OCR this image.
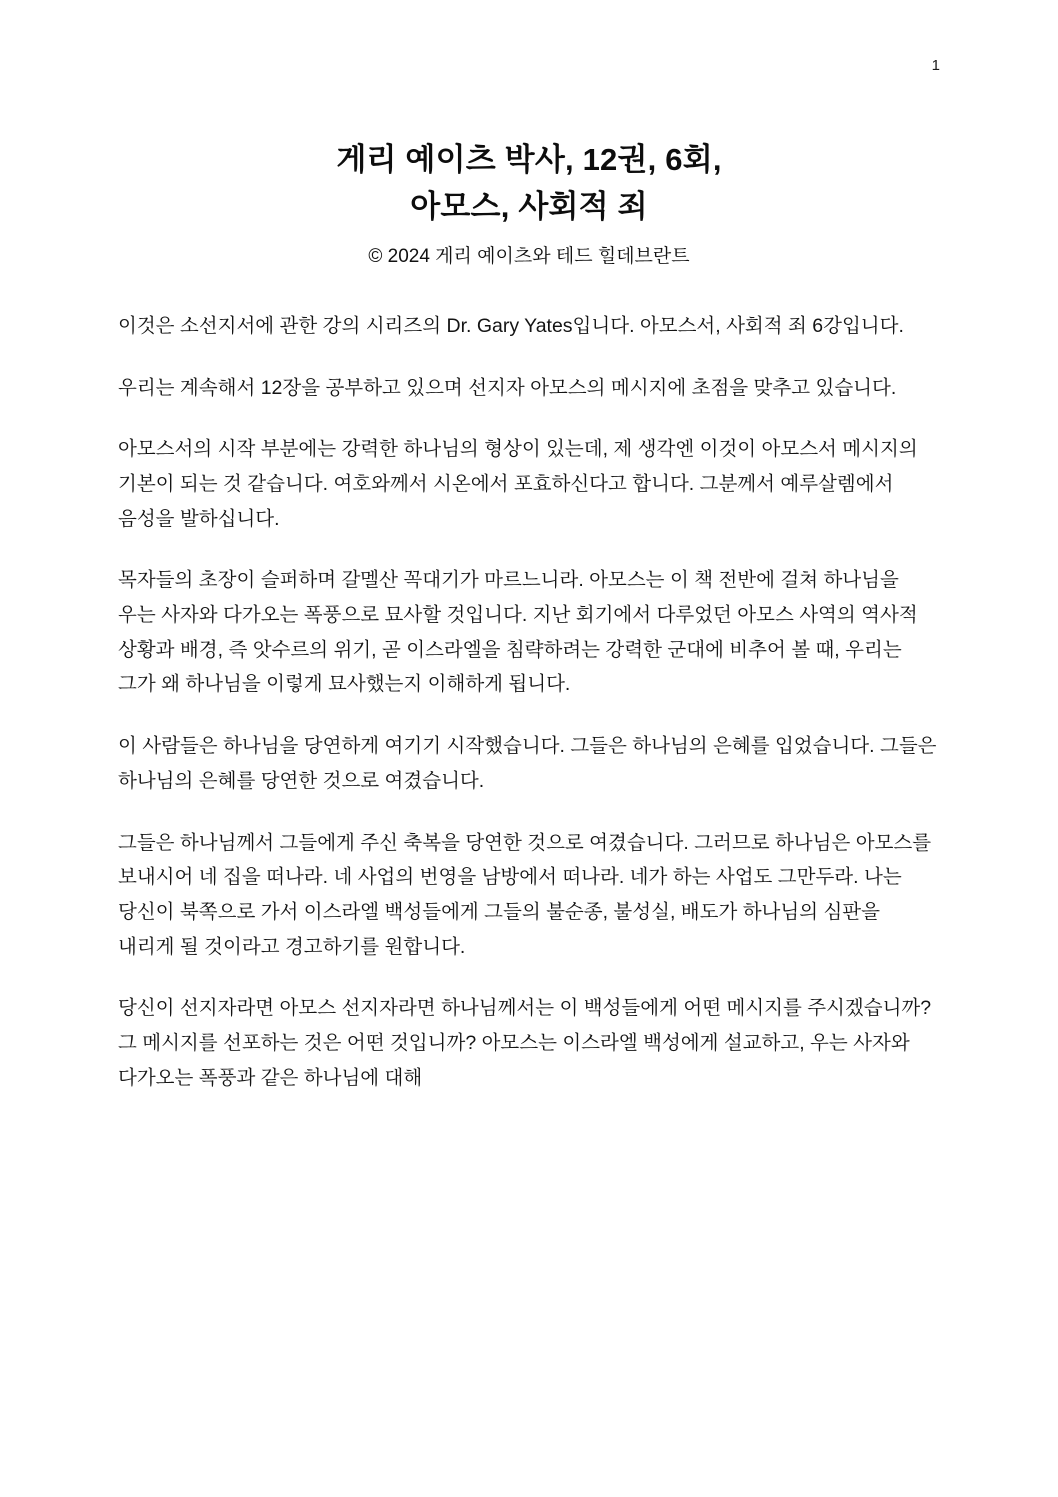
1
게리 예이츠 박사, 12권, 6회,
아모스, 사회적 죄
© 2024 게리 예이츠와 테드 힐데브란트

이것은 소선지서에 관한 강의 시리즈의 Dr. Gary Yates입니다. 아모스서, 사회적 죄 6강입니다.

우리는 계속해서 12장을 공부하고 있으며 선지자 아모스의 메시지에 초점을 맞추고 있습니다.

아모스서의 시작 부분에는 강력한 하나님의 형상이 있는데, 제 생각엔 이것이 아모스서 메시지의 기본이 되는 것 같습니다. 여호와께서 시온에서 포효하신다고 합니다. 그분께서 예루살렘에서 음성을 발하십니다.

목자들의 초장이 슬퍼하며 갈멜산 꼭대기가 마르느니라. 아모스는 이 책 전반에 걸쳐 하나님을 우는 사자와 다가오는 폭풍으로 묘사할 것입니다. 지난 회기에서 다루었던 아모스 사역의 역사적 상황과 배경, 즉 앗수르의 위기, 곧 이스라엘을 침략하려는 강력한 군대에 비추어 볼 때, 우리는 그가 왜 하나님을 이렇게 묘사했는지 이해하게 됩니다.

이 사람들은 하나님을 당연하게 여기기 시작했습니다. 그들은 하나님의 은혜를 입었습니다. 그들은 하나님의 은혜를 당연한 것으로 여겼습니다.

그들은 하나님께서 그들에게 주신 축복을 당연한 것으로 여겼습니다. 그러므로 하나님은 아모스를 보내시어 네 집을 떠나라. 네 사업의 번영을 남방에서 떠나라. 네가 하는 사업도 그만두라. 나는 당신이 북쪽으로 가서 이스라엘 백성들에게 그들의 불순종, 불성실, 배도가 하나님의 심판을 내리게 될 것이라고 경고하기를 원합니다.

당신이 선지자라면 아모스 선지자라면 하나님께서는 이 백성들에게 어떤 메시지를 주시겠습니까? 그 메시지를 선포하는 것은 어떤 것입니까? 아모스는 이스라엘 백성에게 설교하고, 우는 사자와 다가오는 폭풍과 같은 하나님에 대해
